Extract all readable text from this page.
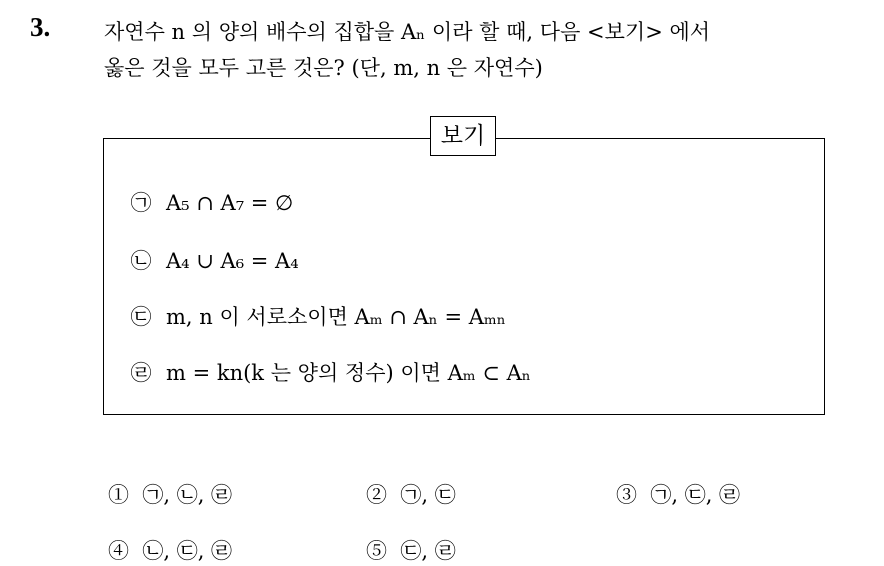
3.	자연수 n 의 양의 배수의 집합을 Aₙ 이라 할 때, 다음 <보기> 에서
옳은 것을 모두 고른 것은? (단, m, n 은 자연수)
보기
㉠ A₅ ∩ A₇ = ∅
㉡ A₄ ∪ A₆ = A₄
㉢ m, n 이 서로소이면 Aₘ ∩ Aₙ = Aₘₙ
㉣ m = kn(k 는 양의 정수) 이면 Aₘ ⊂ Aₙ
① ㉠, ㉡, ㉣	② ㉠, ㉢	③ ㉠, ㉢, ㉣
④ ㉡, ㉢, ㉣	⑤ ㉢, ㉣
